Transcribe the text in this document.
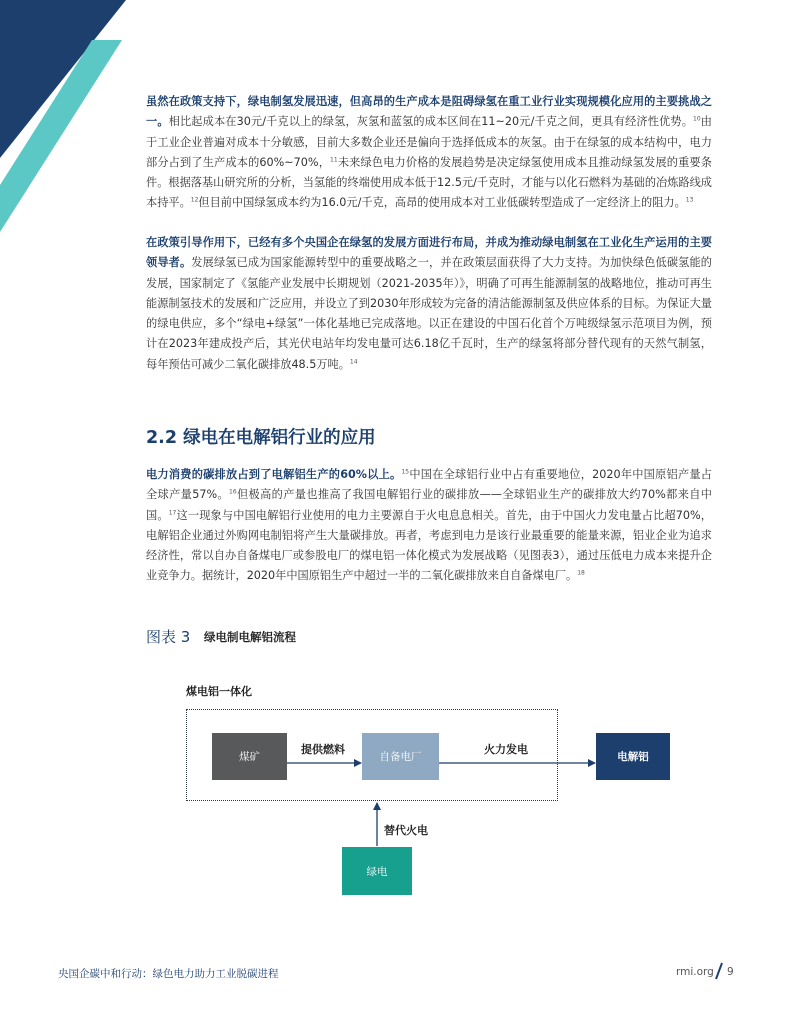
虽然在政策支持下，绿电制氢发展迅速，但高昂的生产成本是阻碍绿氢在重工业行业实现规模化应用的主要挑战之一。相比起成本在30元/千克以上的绿氢，灰氢和蓝氢的成本区间在11~20元/千克之间，更具有经济性优势。$^{10}$由于工业企业普遍对成本十分敏感，目前大多数企业还是偏向于选择低成本的灰氢。由于在绿氢的成本结构中，电力部分占到了生产成本的60%~70%，$^{11}$未来绿色电力价格的发展趋势是决定绿氢使用成本且推动绿氢发展的重要条件。根据落基山研究所的分析，当氢能的终端使用成本低于12.5元/千克时，才能与以化石燃料为基础的冶炼路线成本持平。$^{12}$但目前中国绿氢成本约为16.0元/千克，高昂的使用成本对工业低碳转型造成了一定经济上的阻力。$^{13}$

在政策引导作用下，已经有多个央国企在绿氢的发展方面进行布局，并成为推动绿电制氢在工业化生产运用的主要领导者。发展绿氢已成为国家能源转型中的重要战略之一，并在政策层面获得了大力支持。为加快绿色低碳氢能的发展，国家制定了《氢能产业发展中长期规划（2021-2035年）》，明确了可再生能源制氢的战略地位，推动可再生能源制氢技术的发展和广泛应用，并设立了到2030年形成较为完备的清洁能源制氢及供应体系的目标。为保证大量的绿电供应，多个“绿电+绿氢”一体化基地已完成落地。以正在建设的中国石化首个万吨级绿氢示范项目为例，预计在2023年建成投产后，其光伏电站年均发电量可达6.18亿千瓦时，生产的绿氢将部分替代现有的天然气制氢，每年预估可减少二氧化碳排放48.5万吨。$^{14}$

2.2 绿电在电解铝行业的应用

电力消费的碳排放占到了电解铝生产的60%以上。$^{15}$中国在全球铝行业中占有重要地位，2020年中国原铝产量占全球产量57%。$^{16}$但极高的产量也推高了我国电解铝行业的碳排放——全球铝业生产的碳排放大约70%都来自中国。$^{17}$这一现象与中国电解铝行业使用的电力主要源自于火电息息相关。首先，由于中国火力发电量占比超70%，电解铝企业通过外购网电制铝将产生大量碳排放。再者，考虑到电力是该行业最重要的能量来源，铝业企业为追求经济性，常以自办自备煤电厂或参股电厂的煤电铝一体化模式为发展战略（见图表3），通过压低电力成本来提升企业竞争力。据统计，2020年中国原铝生产中超过一半的二氧化碳排放来自自备煤电厂。$^{18}$

图表 3 绿电制电解铝流程
煤电铝一体化
煤矿	自备电厂	电解铝
绿电
提供燃料	火力发电
替代火电
央国企碳中和行动：绿色电力助力工业脱碳进程	rmi.org 9
